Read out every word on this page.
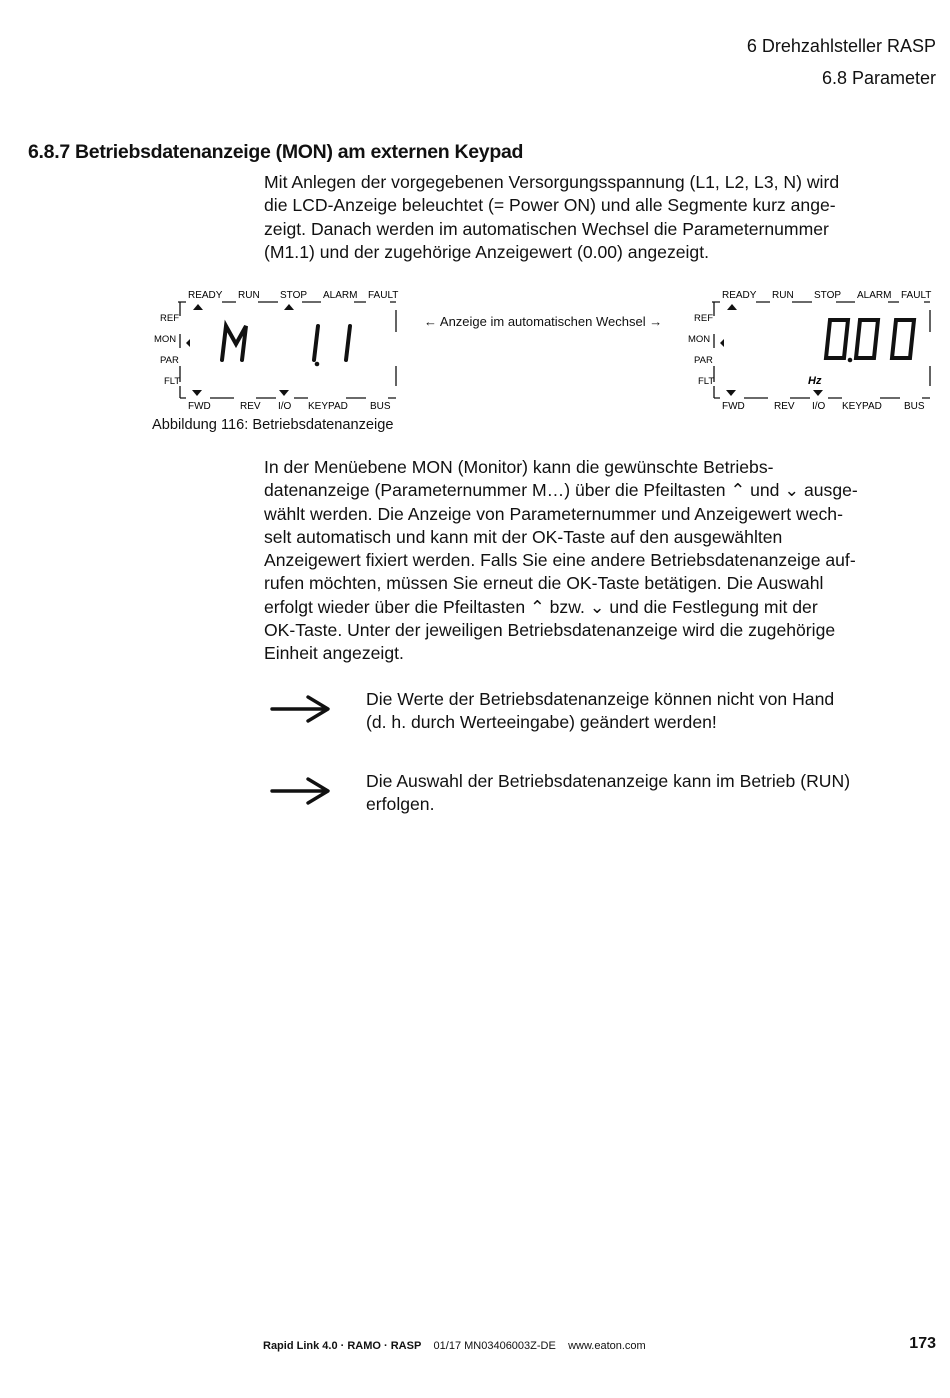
6 Drehzahlsteller RASP
6.8 Parameter
6.8.7 Betriebsdatenanzeige (MON) am externen Keypad
Mit Anlegen der vorgegebenen Versorgungsspannung (L1, L2, L3, N) wird
die LCD-Anzeige beleuchtet (= Power ON) und alle Segmente kurz ange-
zeigt. Danach werden im automatischen Wechsel die Parameternummer
(M1.1) und der zugehörige Anzeigewert (0.00) angezeigt.
READY RUN STOP ALARM FAULT
REF
MON
PAR
FLT
FWD	REV I/O KEYPAD BUS
← Anzeige im automatischen Wechsel →
READY RUN STOP ALARM FAULT
REF
MON
PAR
FLT	Hz
FWD	REV I/O KEYPAD BUS
Abbildung 116: Betriebsdatenanzeige
In der Menüebene MON (Monitor) kann die gewünschte Betriebs-
datenanzeige (Parameternummer M…) über die Pfeiltasten ⌃ und ⌄ ausge-
wählt werden. Die Anzeige von Parameternummer und Anzeigewert wech-
selt automatisch und kann mit der OK-Taste auf den ausgewählten
Anzeigewert fixiert werden. Falls Sie eine andere Betriebsdatenanzeige auf-
rufen möchten, müssen Sie erneut die OK-Taste betätigen. Die Auswahl
erfolgt wieder über die Pfeiltasten ⌃ bzw. ⌄ und die Festlegung mit der
OK-Taste. Unter der jeweiligen Betriebsdatenanzeige wird die zugehörige
Einheit angezeigt.
Die Werte der Betriebsdatenanzeige können nicht von Hand
(d. h. durch Werteeingabe) geändert werden!
Die Auswahl der Betriebsdatenanzeige kann im Betrieb (RUN)
erfolgen.
Rapid Link 4.0 · RAMO · RASP 01/17 MN03406003Z-DE www.eaton.com	173
